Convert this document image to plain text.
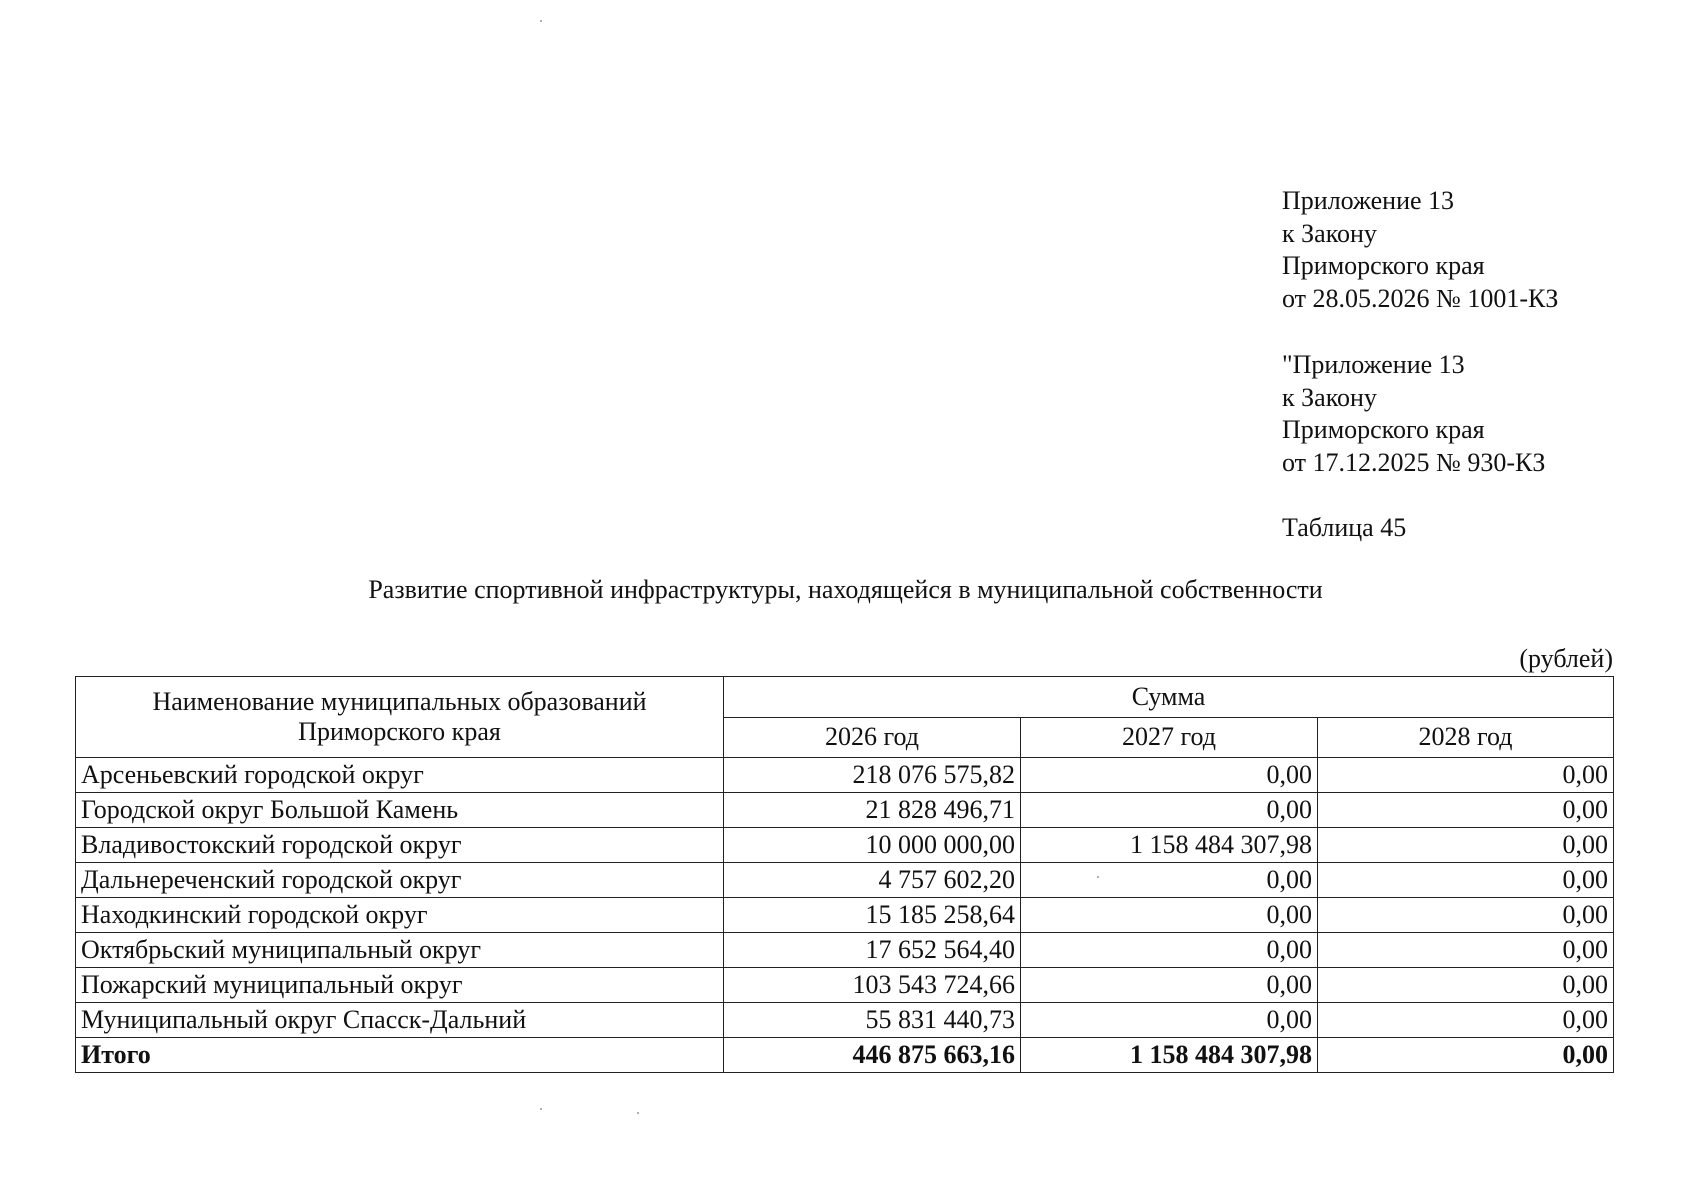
Приложение 13
к Закону
Приморского края
от 28.05.2026 № 1001-КЗ
"Приложение 13
к Закону
Приморского края
от 17.12.2025 № 930-КЗ
Таблица 45
Развитие спортивной инфраструктуры, находящейся в муниципальной собственности
(рублей)
Наименование муниципальных образований
Приморского края	Сумма		
	2026 год	2027 год	2028 год
Арсеньевский городской округ	218 076 575,82	0,00	0,00
Городской округ Большой Камень	21 828 496,71	0,00	0,00
Владивостокский городской округ	10 000 000,00	1 158 484 307,98	0,00
Дальнереченский городской округ	4 757 602,20	0,00	0,00
Находкинский городской округ	15 185 258,64	0,00	0,00
Октябрьский муниципальный округ	17 652 564,40	0,00	0,00
Пожарский муниципальный округ	103 543 724,66	0,00	0,00
Муниципальный округ Спасск-Дальний	55 831 440,73	0,00	0,00
Итого	446 875 663,16	1 158 484 307,98	0,00
